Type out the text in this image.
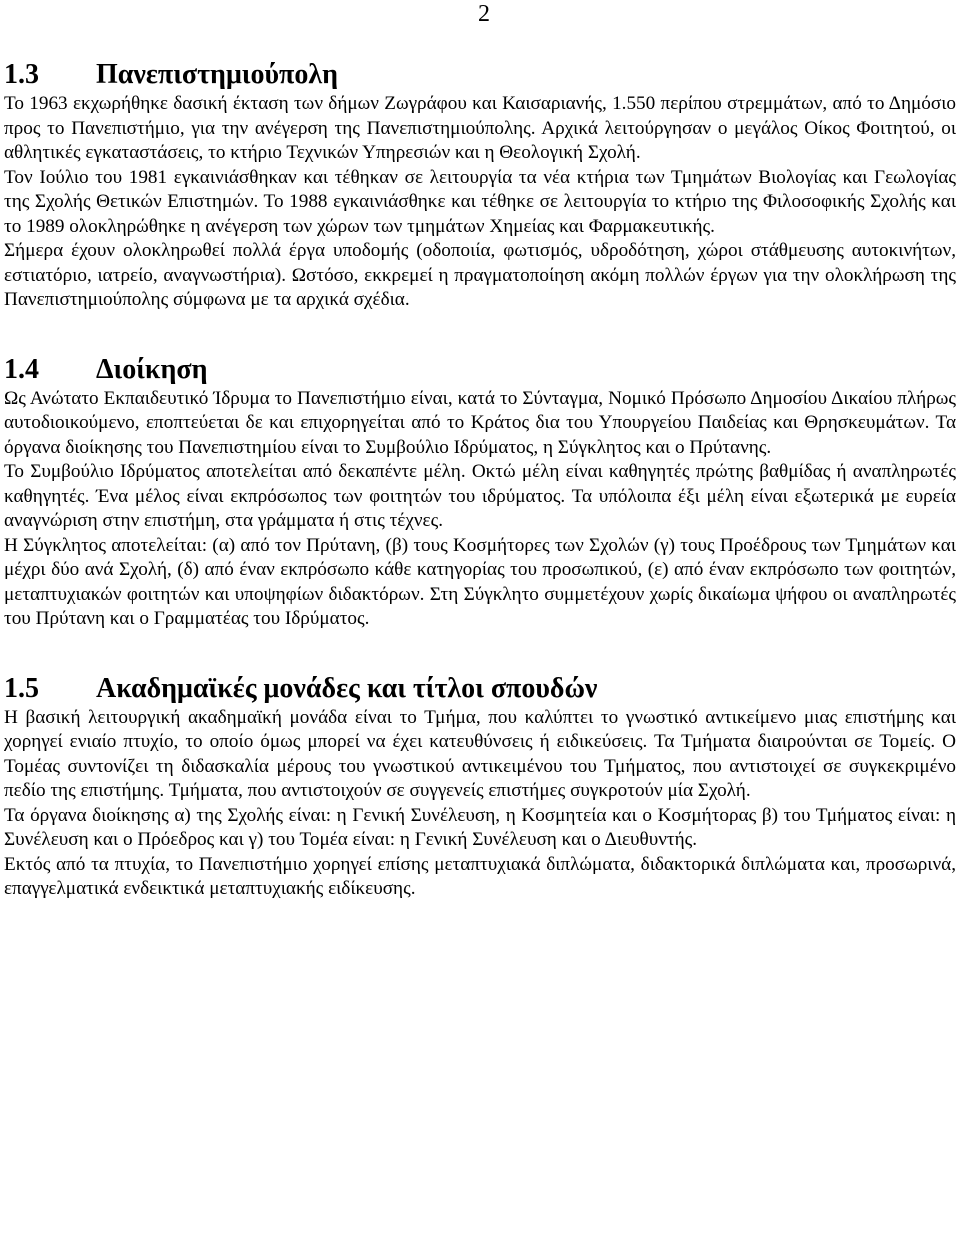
2
1.3 Πανεπιστημιούπολη

Το 1963 εκχωρήθηκε δασική έκταση των δήμων Ζωγράφου και Καισαριανής, 1.550 περίπου στρεμμάτων, από το Δημόσιο προς το Πανεπιστήμιο, για την ανέγερση της Πανεπιστημιούπολης. Αρχικά λειτούργησαν ο μεγάλος Οίκος Φοιτητού, οι αθλητικές εγκαταστάσεις, το κτήριο Τεχνικών Υπηρεσιών και η Θεολογική Σχολή.

Τον Ιούλιο του 1981 εγκαινιάσθηκαν και τέθηκαν σε λειτουργία τα νέα κτήρια των Τμημάτων Βιολογίας και Γεωλογίας της Σχολής Θετικών Επιστημών. Το 1988 εγκαινιάσθηκε και τέθηκε σε λειτουργία το κτήριο της Φιλοσοφικής Σχολής και το 1989 ολοκληρώθηκε η ανέγερση των χώρων των τμημάτων Χημείας και Φαρμακευτικής.

Σήμερα έχουν ολοκληρωθεί πολλά έργα υποδομής (οδοποιία, φωτισμός, υδροδότηση, χώροι στάθμευσης αυτοκινήτων, εστιατόριο, ιατρείο, αναγνωστήρια). Ωστόσο, εκκρεμεί η πραγματοποίηση ακόμη πολλών έργων για την ολοκλήρωση της Πανεπιστημιούπολης σύμφωνα με τα αρχικά σχέδια.

1.4 Διοίκηση

Ως Ανώτατο Εκπαιδευτικό Ίδρυμα το Πανεπιστήμιο είναι, κατά το Σύνταγμα, Νομικό Πρόσωπο Δημοσίου Δικαίου πλήρως αυτοδιοικούμενο, εποπτεύεται δε και επιχορηγείται από το Κράτος δια του Υπουργείου Παιδείας και Θρησκευμάτων. Τα όργανα διοίκησης του Πανεπιστημίου είναι το Συμβούλιο Ιδρύματος, η Σύγκλητος και ο Πρύτανης.

Το Συμβούλιο Ιδρύματος αποτελείται από δεκαπέντε μέλη. Οκτώ μέλη είναι καθηγητές πρώτης βαθμίδας ή αναπληρωτές καθηγητές. Ένα μέλος είναι εκπρόσωπος των φοιτητών του ιδρύματος. Τα υπόλοιπα έξι μέλη είναι εξωτερικά με ευρεία αναγνώριση στην επιστήμη, στα γράμματα ή στις τέχνες.

Η Σύγκλητος αποτελείται: (α) από τον Πρύτανη, (β) τους Κοσμήτορες των Σχολών (γ) τους Προέδρους των Τμημάτων και μέχρι δύο ανά Σχολή, (δ) από έναν εκπρόσωπο κάθε κατηγορίας του προσωπικού, (ε) από έναν εκπρόσωπο των φοιτητών, μεταπτυχιακών φοιτητών και υποψηφίων διδακτόρων. Στη Σύγκλητο συμμετέχουν χωρίς δικαίωμα ψήφου οι αναπληρωτές του Πρύτανη και ο Γραμματέας του Ιδρύματος.

1.5 Ακαδημαϊκές μονάδες και τίτλοι σπουδών

Η βασική λειτουργική ακαδημαϊκή μονάδα είναι το Τμήμα, που καλύπτει το γνωστικό αντικείμενο μιας επιστήμης και χορηγεί ενιαίο πτυχίο, το οποίο όμως μπορεί να έχει κατευθύνσεις ή ειδικεύσεις. Τα Τμήματα διαιρούνται σε Τομείς. Ο Τομέας συντονίζει τη διδασκαλία μέρους του γνωστικού αντικειμένου του Τμήματος, που αντιστοιχεί σε συγκεκριμένο πεδίο της επιστήμης. Τμήματα, που αντιστοιχούν σε συγγενείς επιστήμες συγκροτούν μία Σχολή.

Τα όργανα διοίκησης α) της Σχολής είναι: η Γενική Συνέλευση, η Κοσμητεία και ο Κοσμήτορας β) του Τμήματος είναι: η Συνέλευση και ο Πρόεδρος και γ) του Τομέα είναι: η Γενική Συνέλευση και ο Διευθυντής.

Εκτός από τα πτυχία, το Πανεπιστήμιο χορηγεί επίσης μεταπτυχιακά διπλώματα, διδακτορικά διπλώματα και, προσωρινά, επαγγελματικά ενδεικτικά μεταπτυχιακής ειδίκευσης.
